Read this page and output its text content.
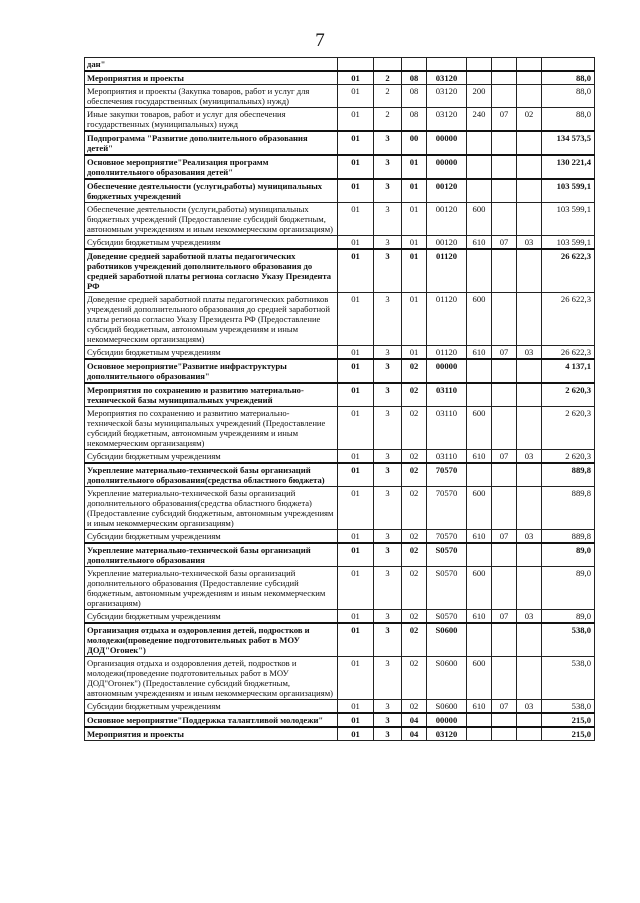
7
дан"								
Мероприятия и проекты	01	2	08	03120				88,0
Мероприятия и проекты (Закупка товаров, работ и услуг для обеспечения государственных (муниципальных) нужд)	01	2	08	03120	200			88,0
Иные закупки товаров, работ и услуг для обеспечения государственных (муниципальных) нужд	01	2	08	03120	240	07	02	88,0
Подпрограмма "Развитие дополнительного образования детей"	01	3	00	00000				134 573,5
Основное мероприятие"Реализация программ дополнительного образования детей"	01	3	01	00000				130 221,4
Обеспечение деятельности (услуги,работы) муниципальных бюджетных учреждений	01	3	01	00120				103 599,1
Обеспечение деятельности (услуги,работы) муниципальных бюджетных учреждений (Предоставление субсидий бюджетным, автономным учреждениям и иным некоммерческим организациям)	01	3	01	00120	600			103 599,1
Субсидии бюджетным учреждениям	01	3	01	00120	610	07	03	103 599,1
Доведение средней заработной платы педагогических работников учреждений дополнительного образования до средней заработной платы региона согласно Указу Президента РФ	01	3	01	01120				26 622,3
Доведение средней заработной платы педагогических работников учреждений дополнительного образования до средней заработной платы региона согласно Указу Президента РФ (Предоставление субсидий бюджетным, автономным учреждениям и иным некоммерческим организациям)	01	3	01	01120	600			26 622,3
Субсидии бюджетным учреждениям	01	3	01	01120	610	07	03	26 622,3
Основное мероприятие"Развитие инфраструктуры дополнительного образования"	01	3	02	00000				4 137,1
Мероприятия по сохранению и развитию материально-технической базы муниципальных учреждений	01	3	02	03110				2 620,3
Мероприятия по сохранению и развитию материально-технической базы муниципальных учреждений (Предоставление субсидий бюджетным, автономным учреждениям и иным некоммерческим организациям)	01	3	02	03110	600			2 620,3
Субсидии бюджетным учреждениям	01	3	02	03110	610	07	03	2 620,3
Укрепление материально-технической базы организаций дополнительного образования(средства областного бюджета)	01	3	02	70570				889,8
Укрепление материально-технической базы организаций дополнительного образования(средства областного бюджета) (Предоставление субсидий бюджетным, автономным учреждениям и иным некоммерческим организациям)	01	3	02	70570	600			889,8
Субсидии бюджетным учреждениям	01	3	02	70570	610	07	03	889,8
Укрепление материально-технической базы организаций дополнительного образования	01	3	02	S0570				89,0
Укрепление материально-технической базы организаций дополнительного образования (Предоставление субсидий бюджетным, автономным учреждениям и иным некоммерческим организациям)	01	3	02	S0570	600			89,0
Субсидии бюджетным учреждениям	01	3	02	S0570	610	07	03	89,0
Организация отдыха и оздоровления детей, подростков и молодежи(проведение подготовительных работ в МОУ ДОД"Огонек")	01	3	02	S0600				538,0
Организация отдыха и оздоровления детей, подростков и молодежи(проведение подготовительных работ в МОУ ДОД"Огонек") (Предоставление субсидий бюджетным, автономным учреждениям и иным некоммерческим организациям)	01	3	02	S0600	600			538,0
Субсидии бюджетным учреждениям	01	3	02	S0600	610	07	03	538,0
Основное мероприятие"Поддержка талантливой молодежи"	01	3	04	00000				215,0
Мероприятия и проекты	01	3	04	03120				215,0
